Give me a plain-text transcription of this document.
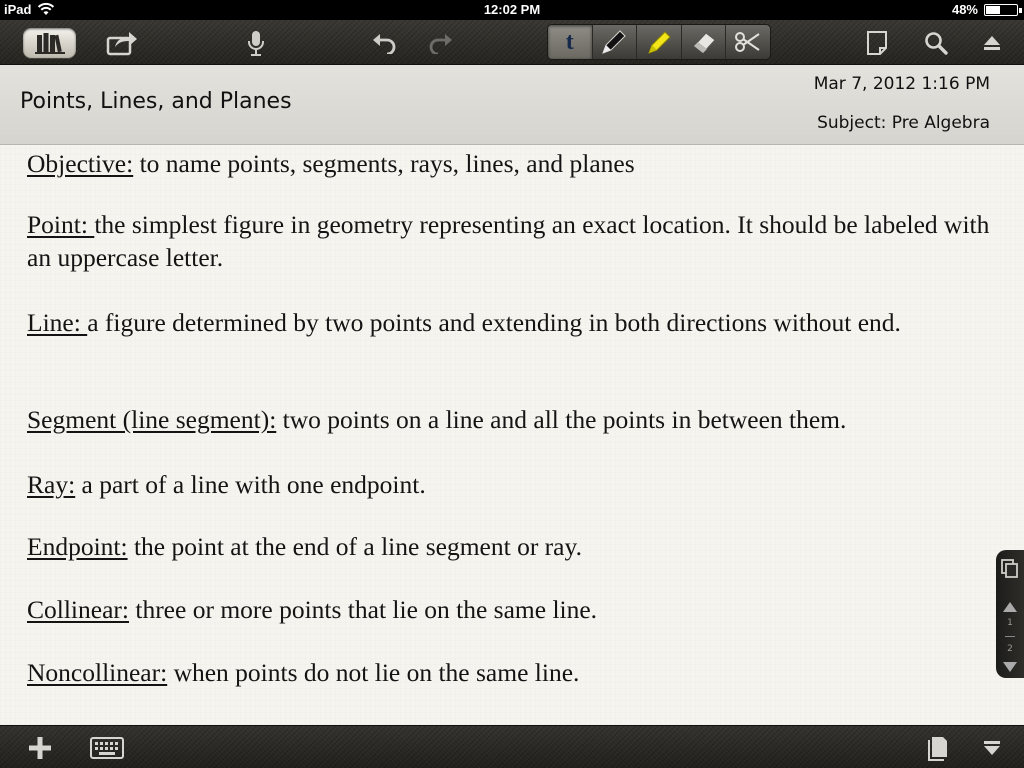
iPad	12:02 PM	48%
t
Points, Lines, and Planes
Mar 7, 2012 1:16 PM
Subject: Pre Algebra
Objective: to name points, segments, rays, lines, and planes
Point: the simplest figure in geometry representing an exact location. It should be labeled with an uppercase letter.
Line: a figure determined by two points and extending in both directions without end.
Segment (line segment): two points on a line and all the points in between them.
Ray: a part of a line with one endpoint.
Endpoint: the point at the end of a line segment or ray.
Collinear: three or more points that lie on the same line.
Noncollinear: when points do not lie on the same line.
1
2
